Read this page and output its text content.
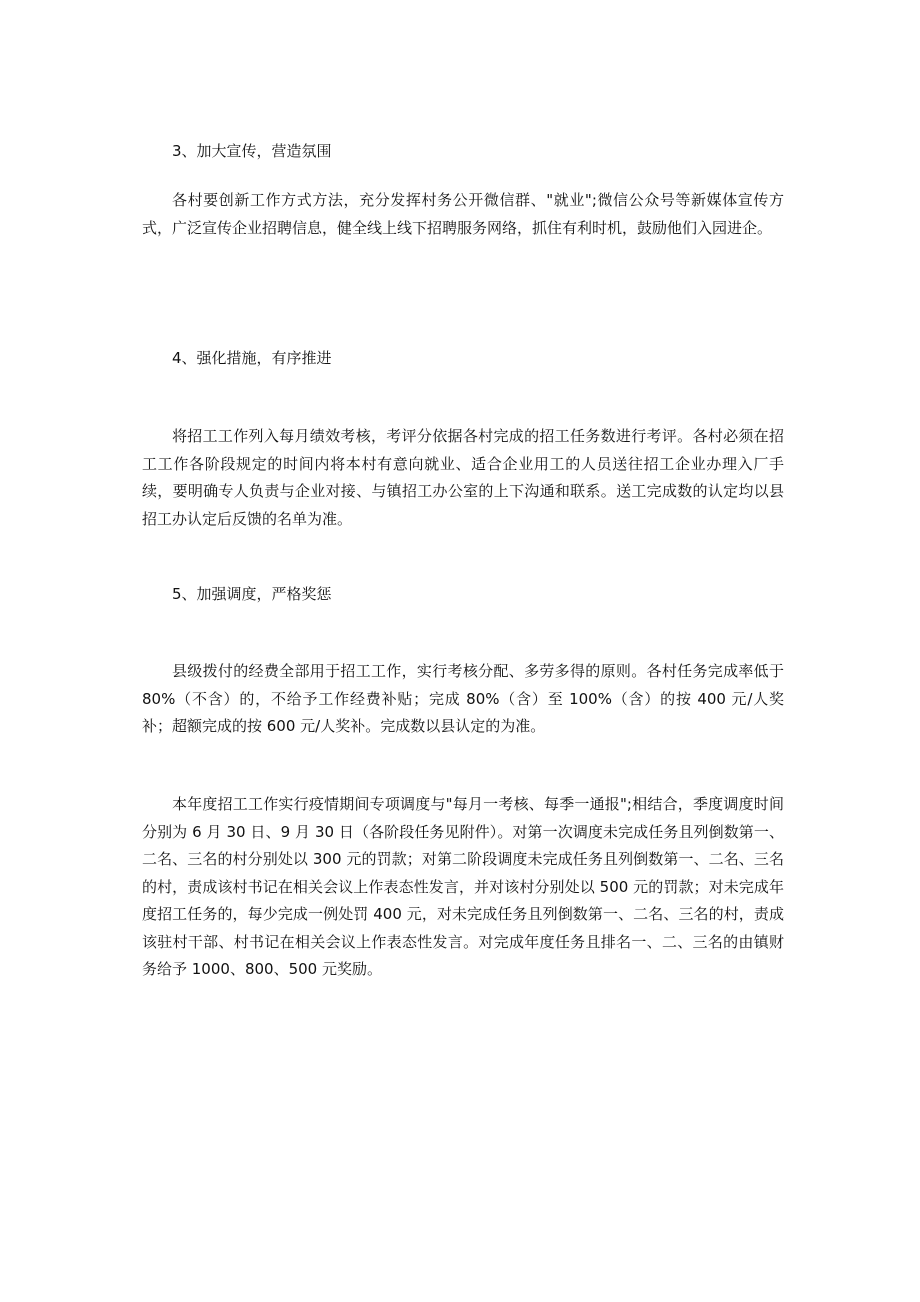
3、加大宣传，营造氛围

各村要创新工作方式方法，充分发挥村务公开微信群、"就业";微信公众号等新媒体宣传方式，广泛宣传企业招聘信息，健全线上线下招聘服务网络，抓住有利时机，鼓励他们入园进企。

4、强化措施，有序推进

将招工工作列入每月绩效考核，考评分依据各村完成的招工任务数进行考评。各村必须在招工工作各阶段规定的时间内将本村有意向就业、适合企业用工的人员送往招工企业办理入厂手续，要明确专人负责与企业对接、与镇招工办公室的上下沟通和联系。送工完成数的认定均以县招工办认定后反馈的名单为准。

5、加强调度，严格奖惩

县级拨付的经费全部用于招工工作，实行考核分配、多劳多得的原则。各村任务完成率低于 80%（不含）的，不给予工作经费补贴；完成 80%（含）至 100%（含）的按 400 元/人奖补；超额完成的按 600 元/人奖补。完成数以县认定的为准。

本年度招工工作实行疫情期间专项调度与"每月一考核、每季一通报";相结合，季度调度时间分别为 6 月 30 日、9 月 30 日（各阶段任务见附件）。对第一次调度未完成任务且列倒数第一、二名、三名的村分别处以 300 元的罚款；对第二阶段调度未完成任务且列倒数第一、二名、三名的村，责成该村书记在相关会议上作表态性发言，并对该村分别处以 500 元的罚款；对未完成年度招工任务的，每少完成一例处罚 400 元，对未完成任务且列倒数第一、二名、三名的村，责成该驻村干部、村书记在相关会议上作表态性发言。对完成年度任务且排名一、二、三名的由镇财务给予 1000、800、500 元奖励。
